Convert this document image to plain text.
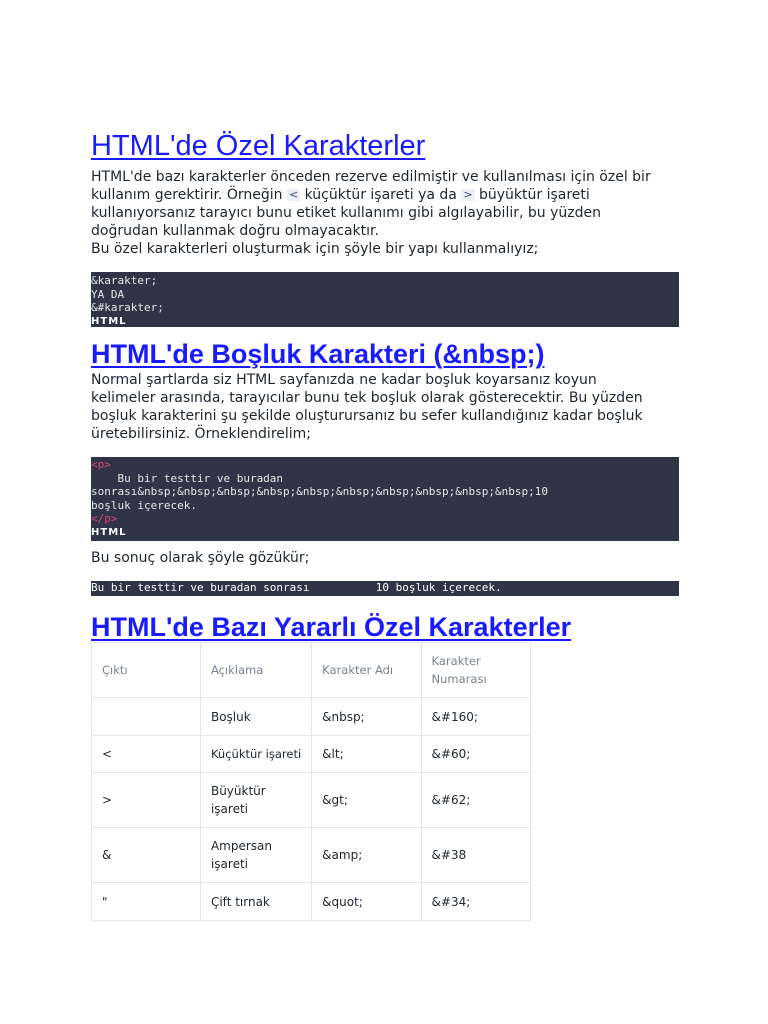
HTML'de Özel Karakterler

HTML'de bazı karakterler önceden rezerve edilmiştir ve kullanılması için özel bir kullanım gerektirir. Örneğin < küçüktür işareti ya da > büyüktür işareti kullanıyorsanız tarayıcı bunu etiket kullanımı gibi algılayabilir, bu yüzden doğrudan kullanmak doğru olmayacaktır.

Bu özel karakterleri oluşturmak için şöyle bir yapı kullanmalıyız;

&karakter;
YA DA
&#karakter;
HTML
HTML'de Boşluk Karakteri (&nbsp;)

Normal şartlarda siz HTML sayfanızda ne kadar boşluk koyarsanız koyun kelimeler arasında, tarayıcılar bunu tek boşluk olarak gösterecektir. Bu yüzden boşluk karakterini şu şekilde oluşturursanız bu sefer kullandığınız kadar boşluk üretebilirsiniz. Örneklendirelim;

<p>
Bu bir testtir ve buradan
sonrası&nbsp;&nbsp;&nbsp;&nbsp;&nbsp;&nbsp;&nbsp;&nbsp;&nbsp;&nbsp;10
boşluk içerecek.
</p>
HTML

Bu sonuç olarak şöyle gözükür;

Bu bir testtir ve buradan sonrası          10 boşluk içerecek.
HTML'de Bazı Yararlı Özel Karakterler
Çıktı	Açıklama	Karakter Adı	Karakter Numarası
	Boşluk	&nbsp;	&#160;
<	Küçüktür işareti	&lt;	&#60;
>	Büyüktür işareti	&gt;	&#62;
&	Ampersan işareti	&amp;	&#38
"	Çift tırnak	&quot;	&#34;
